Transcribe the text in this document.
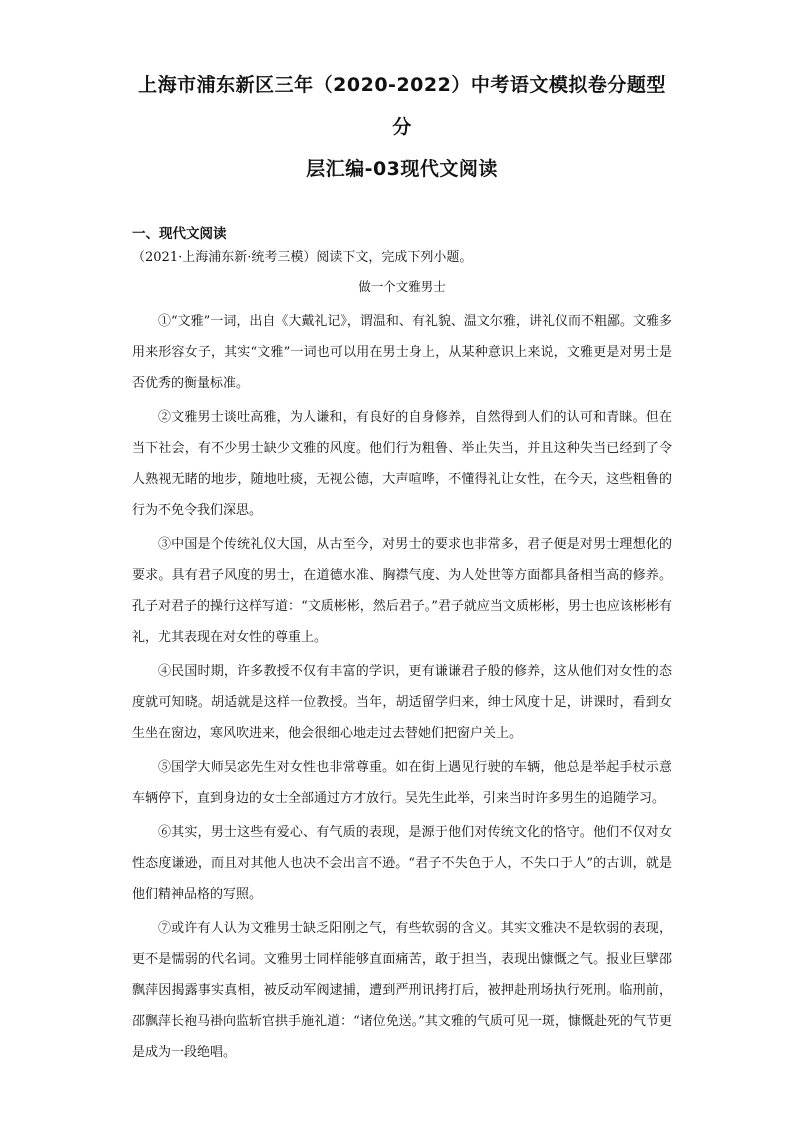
上海市浦东新区三年（2020-2022）中考语文模拟卷分题型分
层汇编-03现代文阅读
一、现代文阅读
（2021·上海浦东新·统考三模）阅读下文，完成下列小题。
做一个文雅男士

①“文雅”一词，出自《大戴礼记》，谓温和、有礼貌、温文尔雅，讲礼仪而不粗鄙。文雅多用来形容女子，其实“文雅”一词也可以用在男士身上，从某种意识上来说，文雅更是对男士是否优秀的衡量标准。

②文雅男士谈吐高雅，为人谦和，有良好的自身修养，自然得到人们的认可和青睐。但在当下社会，有不少男士缺少文雅的风度。他们行为粗鲁、举止失当，并且这种失当已经到了令人熟视无睹的地步，随地吐痰，无视公德，大声喧哗，不懂得礼让女性，在今天，这些粗鲁的行为不免令我们深思。

③中国是个传统礼仪大国，从古至今，对男士的要求也非常多，君子便是对男士理想化的要求。具有君子风度的男士，在道德水准、胸襟气度、为人处世等方面都具备相当高的修养。孔子对君子的操行这样写道：“文质彬彬，然后君子。”君子就应当文质彬彬，男士也应该彬彬有礼，尤其表现在对女性的尊重上。

④民国时期，许多教授不仅有丰富的学识，更有谦谦君子般的修养，这从他们对女性的态度就可知晓。胡适就是这样一位教授。当年，胡适留学归来，绅士风度十足，讲课时，看到女生坐在窗边，寒风吹进来，他会很细心地走过去替她们把窗户关上。

⑤国学大师吴宓先生对女性也非常尊重。如在街上遇见行驶的车辆，他总是举起手杖示意车辆停下，直到身边的女士全部通过方才放行。吴先生此举，引来当时许多男生的追随学习。

⑥其实，男士这些有爱心、有气质的表现，是源于他们对传统文化的恪守。他们不仅对女性态度谦逊，而且对其他人也决不会出言不逊。“君子不失色于人，不失口于人”的古训，就是他们精神品格的写照。

⑦或许有人认为文雅男士缺乏阳刚之气，有些软弱的含义。其实文雅决不是软弱的表现，更不是懦弱的代名词。文雅男士同样能够直面痛苦，敢于担当，表现出慷慨之气。报业巨擘邵飘萍因揭露事实真相，被反动军阀逮捕，遭到严刑讯拷打后，被押赴刑场执行死刑。临刑前，邵飘萍长袍马褂向监斩官拱手施礼道：“诸位免送。”其文雅的气质可见一斑，慷慨赴死的气节更是成为一段绝唱。
